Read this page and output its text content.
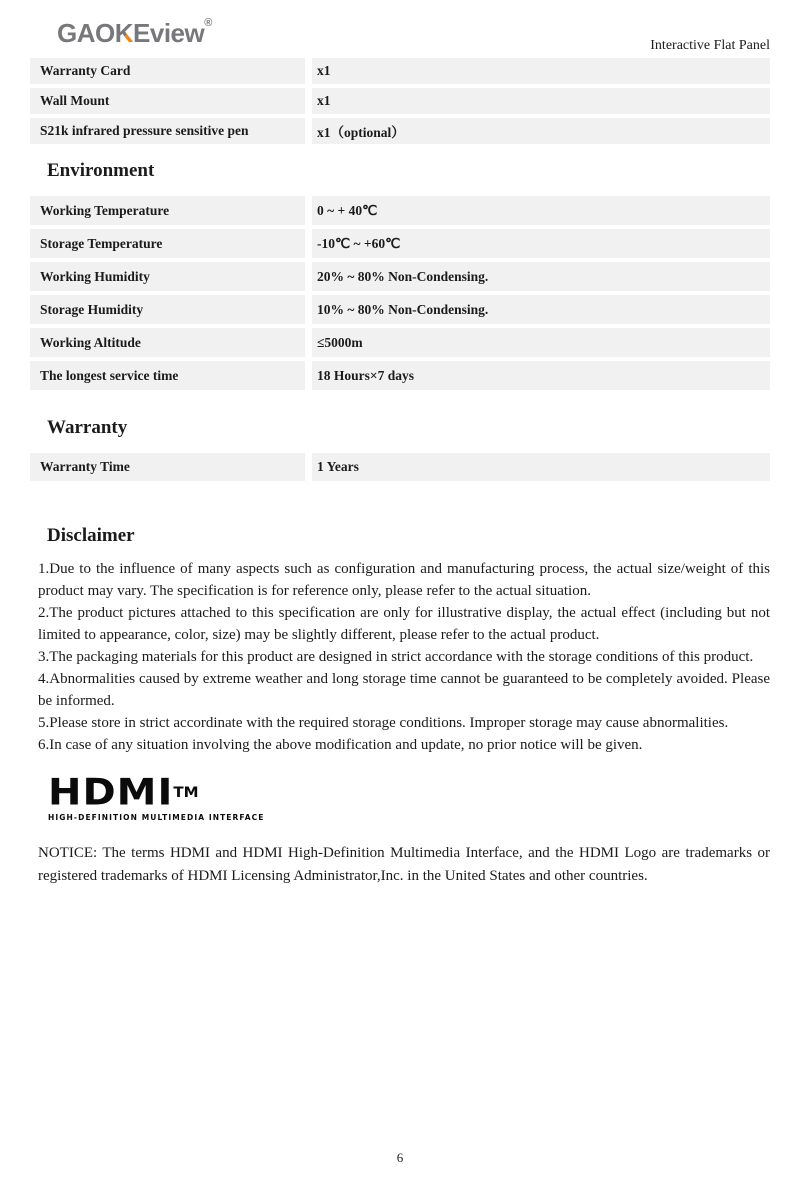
GAOKEview®
Interactive Flat Panel
Warranty Card	x1
Wall Mount	x1
S21k infrared pressure sensitive pen	x1（optional）
Environment
Working Temperature	0 ~ + 40℃
Storage Temperature	-10℃ ~ +60℃
Working Humidity	20% ~ 80% Non-Condensing.
Storage Humidity	10% ~ 80% Non-Condensing.
Working Altitude	≤5000m
The longest service time	18 Hours×7 days
Warranty
Warranty Time	1 Years
Disclaimer

1.Due to the influence of many aspects such as configuration and manufacturing process, the actual size/weight of this product may vary. The specification is for reference only, please refer to the actual situation.

2.The product pictures attached to this specification are only for illustrative display, the actual effect (including but not limited to appearance, color, size) may be slightly different, please refer to the actual product.

3.The packaging materials for this product are designed in strict accordance with the storage conditions of this product.

4.Abnormalities caused by extreme weather and long storage time cannot be guaranteed to be completely avoided. Please be informed.

5.Please store in strict accordinate with the required storage conditions. Improper storage may cause abnormalities.

6.In case of any situation involving the above modification and update, no prior notice will be given.

HDMI™
HIGH-DEFINITION MULTIMEDIA INTERFACE

NOTICE: The terms HDMI and HDMI High-Definition Multimedia Interface, and the HDMI Logo are trademarks or registered trademarks of HDMI Licensing Administrator,Inc. in the United States and other countries.

6
